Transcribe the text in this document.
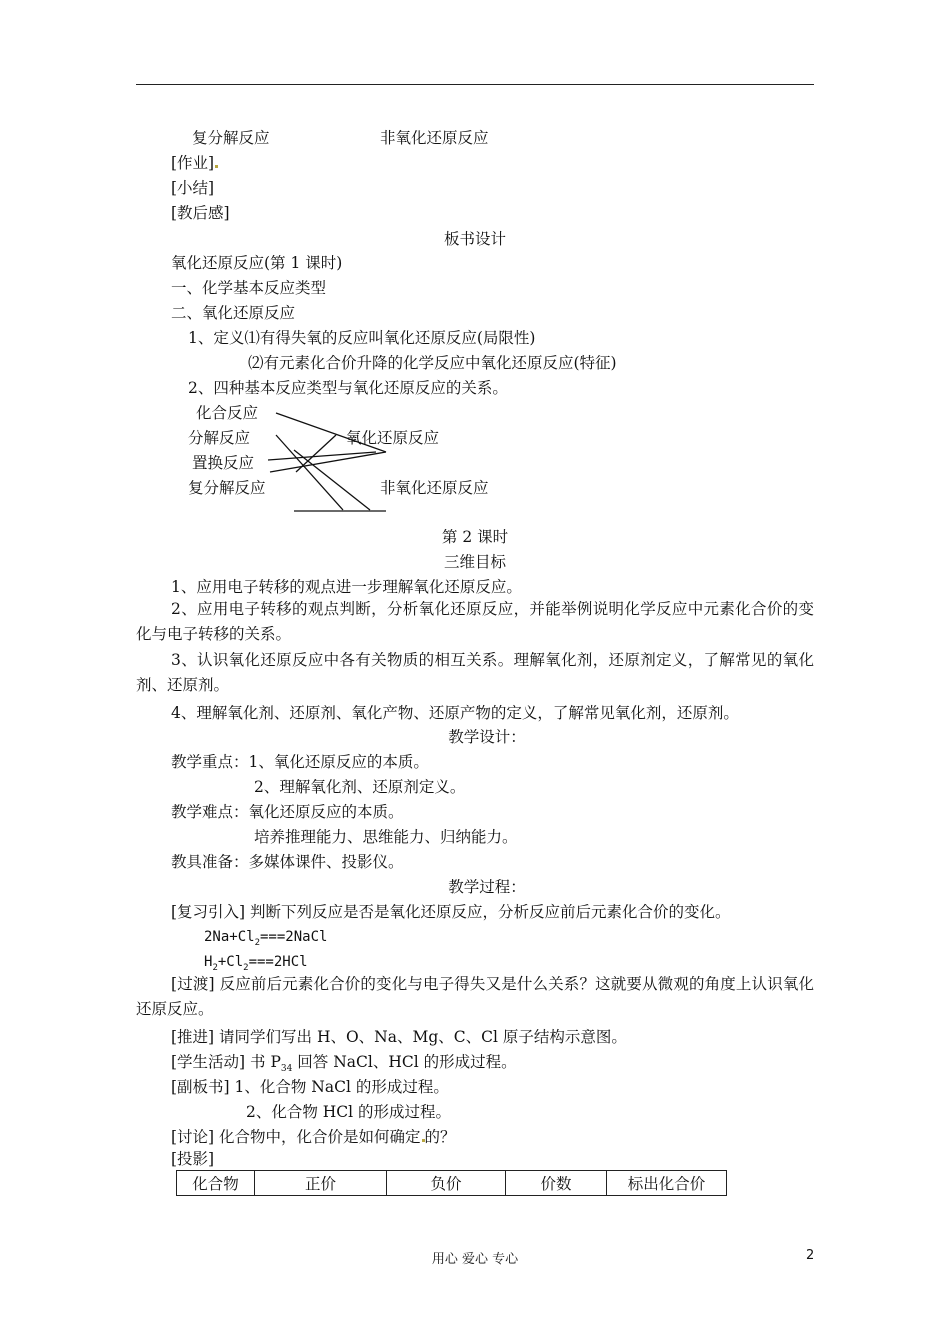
复分解反应	非氧化还原反应
[作业]
[小结]
[教后感]
板书设计
氧化还原反应(第 1 课时)
一、化学基本反应类型
二、氧化还原反应
1、定义⑴有得失氧的反应叫氧化还原反应(局限性)
⑵有元素化合价升降的化学反应中氧化还原反应(特征)
2、四种基本反应类型与氧化还原反应的关系。
化合反应
分解反应
置换反应
复分解反应
氧化还原反应
非氧化还原反应
第 2 课时
三维目标
1、应用电子转移的观点进一步理解氧化还原反应。
2、应用电子转移的观点判断，分析氧化还原反应，并能举例说明化学反应中元素化合价的变化与电子转移的关系。
3、认识氧化还原反应中各有关物质的相互关系。理解氧化剂，还原剂定义，了解常见的氧化剂、还原剂。
4、理解氧化剂、还原剂、氧化产物、还原产物的定义，了解常见氧化剂，还原剂。
教学设计：
教学重点：1、氧化还原反应的本质。
2、理解氧化剂、还原剂定义。
教学难点：氧化还原反应的本质。
培养推理能力、思维能力、归纳能力。
教具准备：多媒体课件、投影仪。
教学过程：
[复习引入] 判断下列反应是否是氧化还原反应，分析反应前后元素化合价的变化。
$2Na+Cl_2===2NaCl$
$H_2+Cl_2===2HCl$
[过渡] 反应前后元素化合价的变化与电子得失又是什么关系？这就要从微观的角度上认识氧化还原反应。
[推进] 请同学们写出 H、O、Na、Mg、C、Cl 原子结构示意图。
[学生活动] 书 $P_{34}$ 回答 NaCl、HCl 的形成过程。
[副板书] 1、化合物 NaCl 的形成过程。
2、化合物 HCl 的形成过程。
[讨论] 化合物中，化合价是如何确定 的？
[投影]
化合物	正价	负价	价数	标出化合价
用心 爱心 专心	2
